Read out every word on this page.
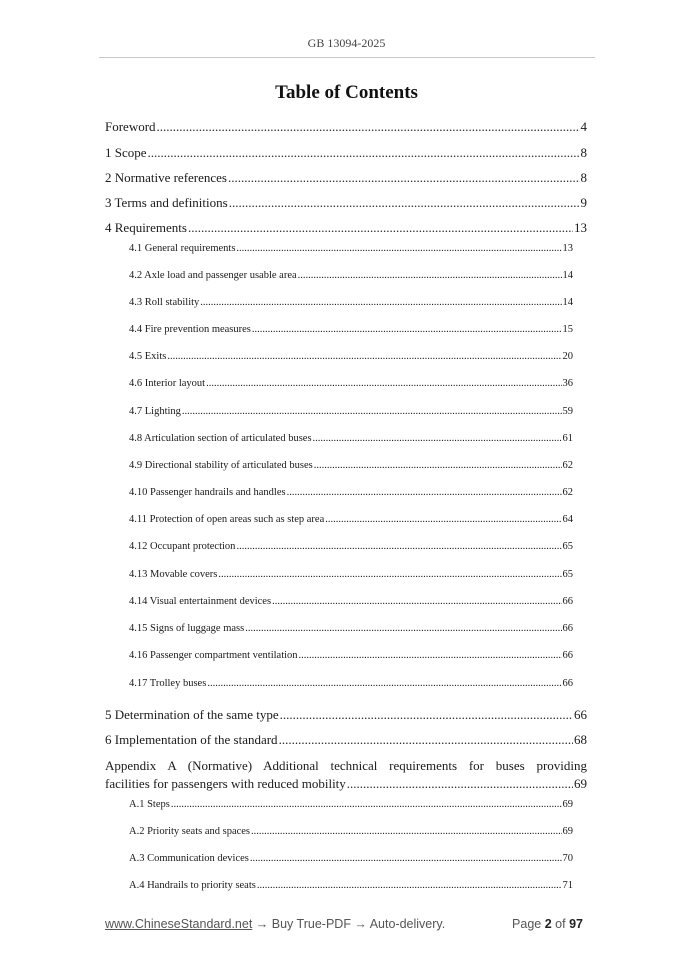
GB 13094-2025
Table of Contents
Foreword .....	4
1 Scope .....	8
2 Normative references .....	8
3 Terms and definitions .....	9
4 Requirements .....	13
4.1 General requirements .....	13
4.2 Axle load and passenger usable area .....	14
4.3 Roll stability .....	14
4.4 Fire prevention measures .....	15
4.5 Exits .....	20
4.6 Interior layout .....	36
4.7 Lighting .....	59
4.8 Articulation section of articulated buses .....	61
4.9 Directional stability of articulated buses .....	62
4.10 Passenger handrails and handles .....	62
4.11 Protection of open areas such as step area .....	64
4.12 Occupant protection .....	65
4.13 Movable covers .....	65
4.14 Visual entertainment devices .....	66
4.15 Signs of luggage mass .....	66
4.16 Passenger compartment ventilation .....	66
4.17 Trolley buses .....	66
5 Determination of the same type .....	66
6 Implementation of the standard .....	68
Appendix A (Normative) Additional technical requirements for buses providing
facilities for passengers with reduced mobility .....	69
A.1 Steps .....	69
A.2 Priority seats and spaces .....	69
A.3 Communication devices .....	70
A.4 Handrails to priority seats .....	71
www.ChineseStandard.net → Buy True-PDF → Auto-delivery.	Page 2 of 97
